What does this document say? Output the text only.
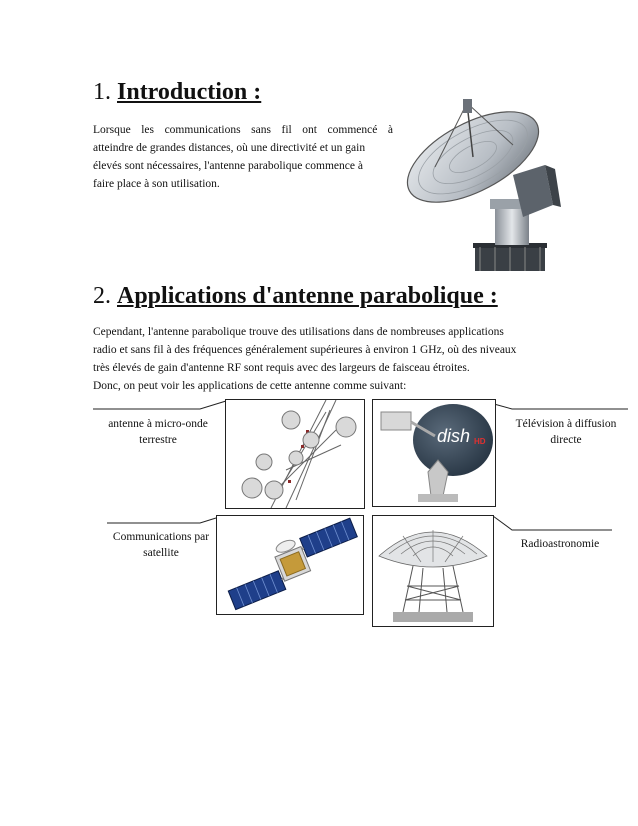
1. Introduction :
Lorsque les communications sans fil ont commencé à
atteindre de grandes distances, où une directivité et un gain
élevés sont nécessaires, l'antenne parabolique commence à
faire place à son utilisation.
2. Applications d'antenne parabolique :
Cependant, l'antenne parabolique trouve des utilisations dans de nombreuses applications
radio et sans fil à des fréquences généralement supérieures à environ 1 GHz, où des niveaux
très élevés de gain d'antenne RF sont requis avec des largeurs de faisceau étroites.
Donc, on peut voir les applications de cette antenne comme suivant:
antenne à micro-onde
terrestre
Télévision à diffusion
directe
Communications par
satellite
Radioastronomie
dish HD
